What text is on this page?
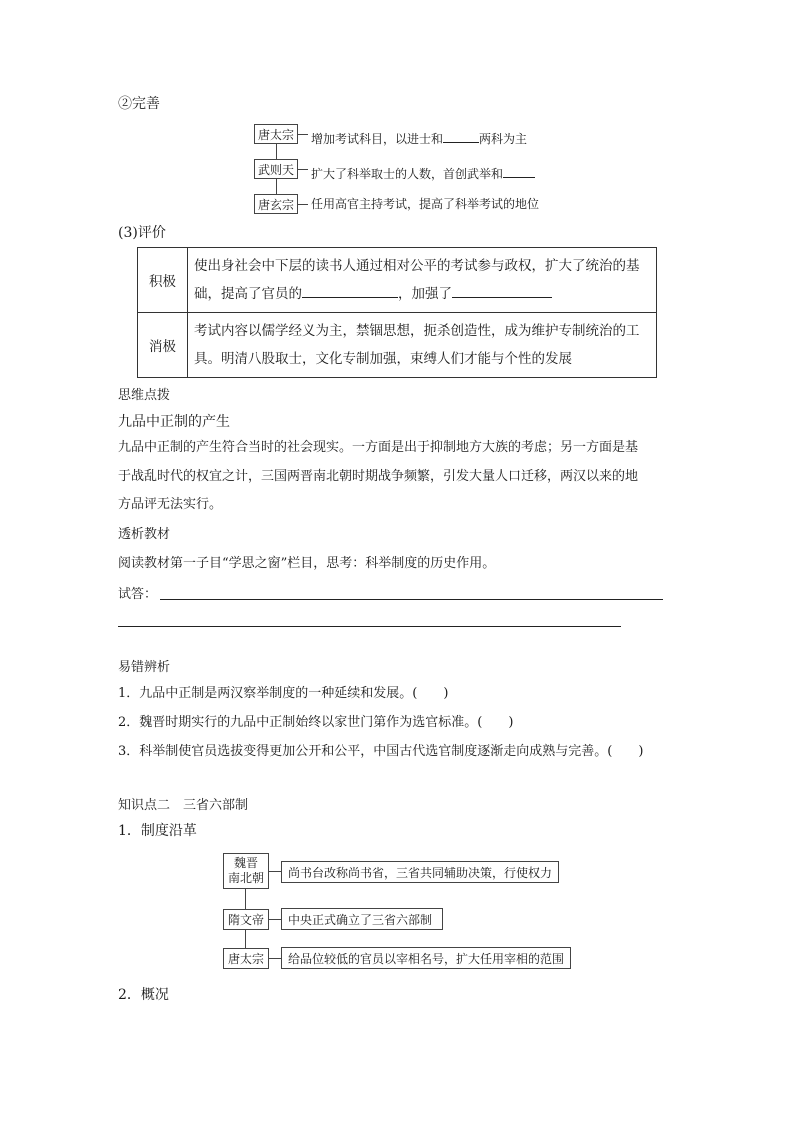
②完善
唐太宗	增加考试科目，以进士和	两科为主
武则天	扩大了科举取士的人数，首创武举和
唐玄宗	任用高官主持考试，提高了科举考试的地位
(3)评价
积极	使出身社会中下层的读书人通过相对公平的考试参与政权，扩大了统治的基
础，提高了官员的 ，加强了

消极	考试内容以儒学经义为主，禁锢思想，扼杀创造性，成为维护专制统治的工
具。明清八股取士，文化专制加强，束缚人们才能与个性的发展
思维点拨
九品中正制的产生
九品中正制的产生符合当时的社会现实。一方面是出于抑制地方大族的考虑；另一方面是基
于战乱时代的权宜之计，三国两晋南北朝时期战争频繁，引发大量人口迁移，两汉以来的地
方品评无法实行。
透析教材
阅读教材第一子目“学思之窗”栏目，思考：科举制度的历史作用。
试答：
易错辨析
1．九品中正制是两汉察举制度的一种延续和发展。(　　)
2．魏晋时期实行的九品中正制始终以家世门第作为选官标准。(　　)
3．科举制使官员选拔变得更加公开和公平，中国古代选官制度逐渐走向成熟与完善。(　　)
知识点二　三省六部制
1．制度沿革
魏晋
南北朝	尚书台改称尚书省，三省共同辅助决策，行使权力
隋文帝	中央正式确立了三省六部制
唐太宗	给品位较低的官员以宰相名号，扩大任用宰相的范围
2．概况
